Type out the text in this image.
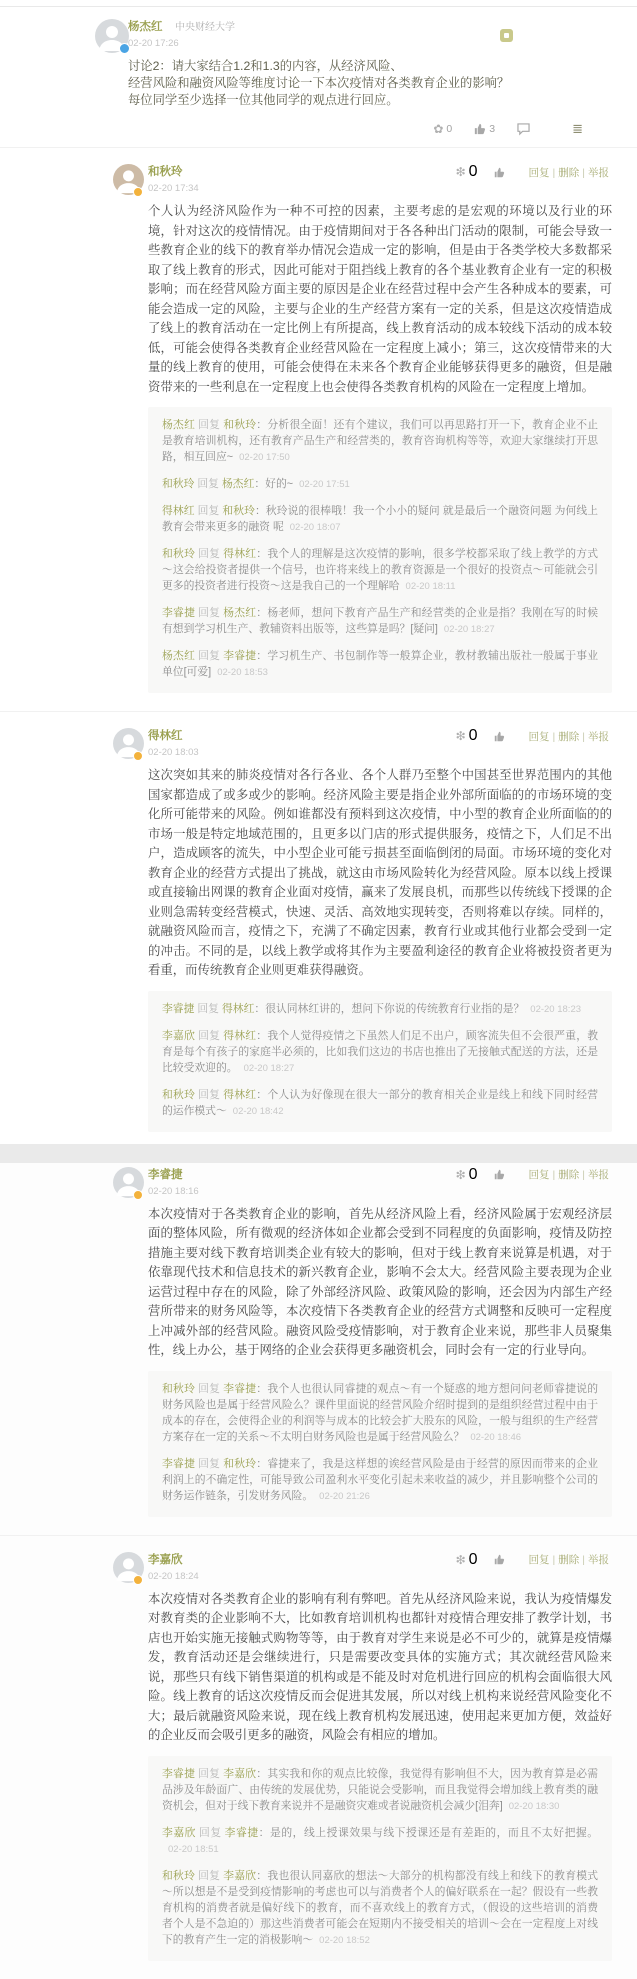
杨杰红 中央财经大学
02-20 17:26
讨论2：请大家结合1.2和1.3的内容，从经济风险、
经营风险和融资风险等维度讨论一下本次疫情对各类教育企业的影响？
每位同学至少选择一位其他同学的观点进行回应。
✿ 0	3	≣
和秋玲
02-20 17:34
❇ 0	回复 | 删除 | 举报
个人认为经济风险作为一种不可控的因素，主要考虑的是宏观的环境以及行业的环境，针对这次的疫情情况。由于疫情期间对于各各种出门活动的限制，可能会导致一些教育企业的线下的教育举办情况会造成一定的影响，但是由于各类学校大多数都采取了线上教育的形式，因此可能对于阻挡线上教育的各个基业教育企业有一定的积极影响；而在经营风险方面主要的原因是企业在经营过程中会产生各种成本的要素，可能会造成一定的风险，主要与企业的生产经营方案有一定的关系，但是这次疫情造成了线上的教育活动在一定比例上有所提高，线上教育活动的成本较线下活动的成本较低，可能会使得各类教育企业经营风险在一定程度上减小；第三，这次疫情带来的大量的线上教育的使用，可能会使得在未来各个教育企业能够获得更多的融资，但是融资带来的一些利息在一定程度上也会使得各类教育机构的风险在一定程度上增加。

杨杰红 回复 和秋玲：分析很全面！还有个建议，我们可以再思路打开一下，教育企业不止是教育培训机构，还有教育产品生产和经营类的，教育咨询机构等等，欢迎大家继续打开思路，相互回应~ 02-20 17:50

和秋玲 回复 杨杰红：好的~ 02-20 17:51

得林红 回复 和秋玲：秋玲说的很棒哦！我一个小小的疑问 就是最后一个融资问题 为何线上教育会带来更多的融资 呢 02-20 18:07

和秋玲 回复 得林红：我个人的理解是这次疫情的影响，很多学校都采取了线上教学的方式～这会给投资者提供一个信号，也许将来线上的教育资源是一个很好的投资点～可能就会引更多的投资者进行投资～这是我自己的一个理解哈 02-20 18:11

李睿捷 回复 杨杰红：杨老师，想问下教育产品生产和经营类的企业是指？我刚在写的时候有想到学习机生产、教辅资料出版等，这些算是吗？[疑问] 02-20 18:27

杨杰红 回复 李睿捷：学习机生产、书包制作等一般算企业，教材教辅出版社一般属于事业单位[可爱] 02-20 18:53

得林红
02-20 18:03
❇ 0	回复 | 删除 | 举报
这次突如其来的肺炎疫情对各行各业、各个人群乃至整个中国甚至世界范围内的其他国家都造成了或多或少的影响。经济风险主要是指企业外部所面临的的市场环境的变化所可能带来的风险。例如谁都没有预料到这次疫情，中小型的教育企业所面临的的市场一般是特定地域范围的，且更多以门店的形式提供服务，疫情之下，人们足不出户，造成顾客的流失，中小型企业可能亏损甚至面临倒闭的局面。市场环境的变化对教育企业的经营方式提出了挑战，就这由市场风险转化为经营风险。原本以线上授课或直接输出网课的教育企业面对疫情，赢来了发展良机，而那些以传统线下授课的企业则急需转变经营模式，快速、灵活、高效地实现转变，否则将难以存续。同样的，就融资风险而言，疫情之下，充满了不确定因素，教育行业或其他行业都会受到一定的冲击。不同的是，以线上教学或将其作为主要盈利途径的教育企业将被投资者更为看重，而传统教育企业则更难获得融资。

李睿捷 回复 得林红：很认同林红讲的，想问下你说的传统教育行业指的是？ 02-20 18:23

李嘉欣 回复 得林红：我个人觉得疫情之下虽然人们足不出户，顾客流失但不会很严重，教育是每个有孩子的家庭半必须的，比如我们这边的书店也推出了无接触式配送的方法，还是比较受欢迎的。 02-20 18:27

和秋玲 回复 得林红：个人认为好像现在很大一部分的教育相关企业是线上和线下同时经营的运作模式～ 02-20 18:42

李睿捷
02-20 18:16
❇ 0	回复 | 删除 | 举报
本次疫情对于各类教育企业的影响，首先从经济风险上看，经济风险属于宏观经济层面的整体风险，所有微观的经济体如企业都会受到不同程度的负面影响，疫情及防控措施主要对线下教育培训类企业有较大的影响，但对于线上教育来说算是机遇，对于依靠现代技术和信息技术的新兴教育企业，影响不会太大。经营风险主要表现为企业运营过程中存在的风险，除了外部经济风险、政策风险的影响，还会因为内部生产经营所带来的财务风险等，本次疫情下各类教育企业的经营方式调整和反映可一定程度上冲减外部的经营风险。融资风险受疫情影响，对于教育企业来说，那些非人员聚集性，线上办公，基于网络的企业会获得更多融资机会，同时会有一定的行业导向。

和秋玲 回复 李睿捷：我个人也很认同睿捷的观点～有一个疑惑的地方想问问老师睿捷说的财务风险也是属于经营风险么？课件里面说的经营风险介绍时提到的是组织经营过程中由于成本的存在，会使得企业的利润等与成本的比较会扩大股东的风险，一般与组织的生产经营方案存在一定的关系～不太明白财务风险也是属于经营风险么？ 02-20 18:46

李睿捷 回复 和秋玲：睿捷来了，我是这样想的诶经营风险是由于经营的原因而带来的企业利润上的不确定性，可能导致公司盈利水平变化引起未来收益的减少，并且影响整个公司的财务运作链条，引发财务风险。 02-20 21:26

李嘉欣
02-20 18:24
❇ 0	回复 | 删除 | 举报
本次疫情对各类教育企业的影响有利有弊吧。首先从经济风险来说，我认为疫情爆发对教育类的企业影响不大，比如教育培训机构也都针对疫情合理安排了教学计划，书店也开始实施无接触式购物等等，由于教育对学生来说是必不可少的，就算是疫情爆发，教育活动还是会继续进行，只是需要改变具体的实施方式；其次就经营风险来说，那些只有线下销售渠道的机构或是不能及时对危机进行回应的机构会面临很大风险。线上教育的话这次疫情反而会促进其发展，所以对线上机构来说经营风险变化不大；最后就融资风险来说，现在线上教育机构发展迅速，使用起来更加方便，效益好的企业反而会吸引更多的融资，风险会有相应的增加。

李睿捷 回复 李嘉欣：其实我和你的观点比较像，我觉得有影响但不大，因为教育算是必需品涉及年龄面广、由传统的发展优势，只能说会受影响，而且我觉得会增加线上教育类的融资机会，但对于线下教育来说并不是融资灾难或者说融资机会减少[泪奔] 02-20 18:30

李嘉欣 回复 李睿捷：是的，线上授课效果与线下授课还是有差距的，而且不太好把握。02-20 18:51

和秋玲 回复 李嘉欣：我也很认同嘉欣的想法～大部分的机构都没有线上和线下的教育模式～所以想是不是受到疫情影响的考虑也可以与消费者个人的偏好联系在一起？假设有一些教育机构的消费者就是偏好线下的教育，而不喜欢线上的教育方式，（假设的这些培训的消费者个人是不急迫的）那这些消费者可能会在短期内不接受相关的培训～会在一定程度上对线下的教育产生一定的消极影响～ 02-20 18:52
